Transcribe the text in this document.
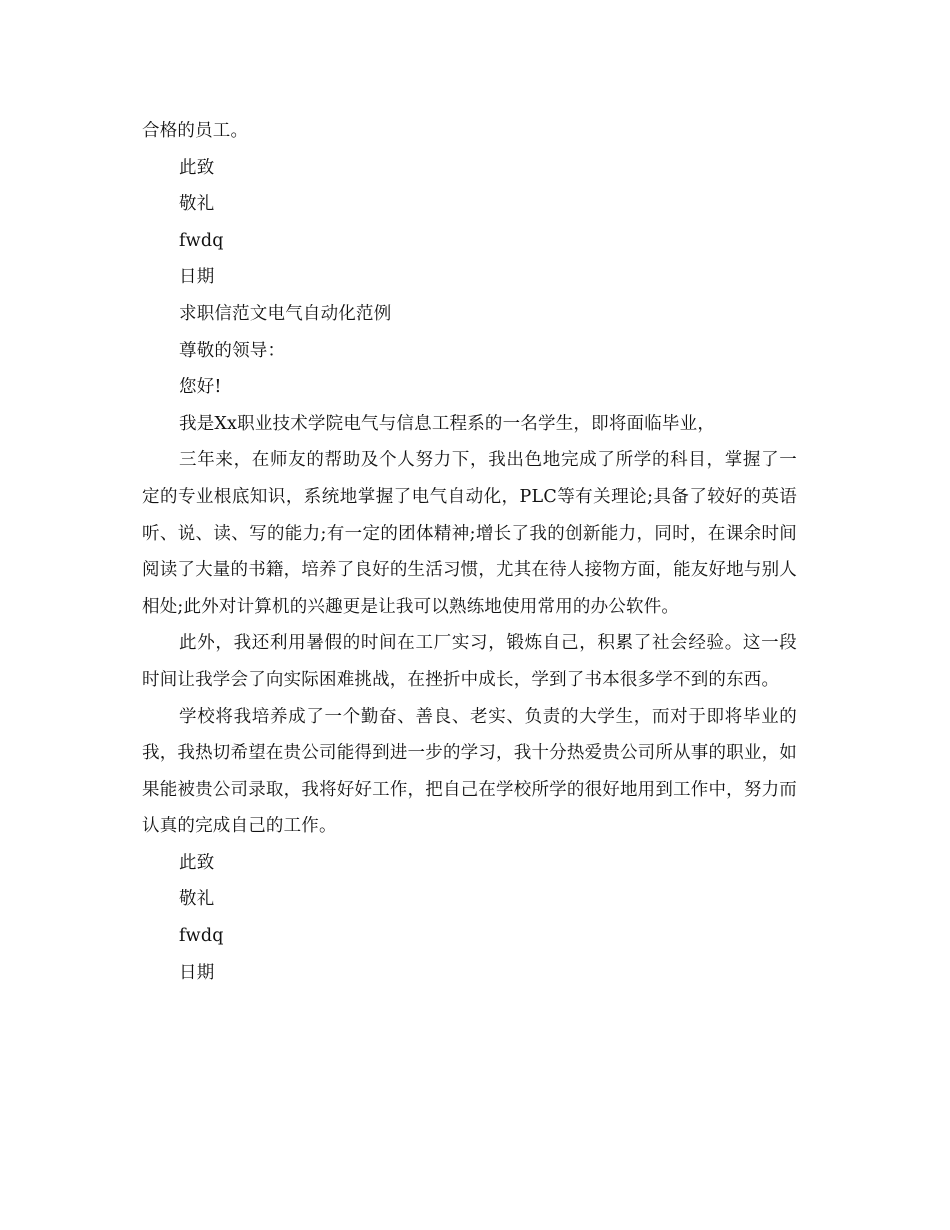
合格的员工。

此致

敬礼

fwdq

日期

求职信范文电气自动化范例

尊敬的领导：

您好!

我是Xx职业技术学院电气与信息工程系的一名学生，即将面临毕业，

三年来，在师友的帮助及个人努力下，我出色地完成了所学的科目，掌握了一定的专业根底知识，系统地掌握了电气自动化，PLC等有关理论;具备了较好的英语听、说、读、写的能力;有一定的团体精神;增长了我的创新能力，同时，在课余时间阅读了大量的书籍，培养了良好的生活习惯，尤其在待人接物方面，能友好地与别人相处;此外对计算机的兴趣更是让我可以熟练地使用常用的办公软件。

此外，我还利用暑假的时间在工厂实习，锻炼自己，积累了社会经验。这一段时间让我学会了向实际困难挑战，在挫折中成长，学到了书本很多学不到的东西。

学校将我培养成了一个勤奋、善良、老实、负责的大学生，而对于即将毕业的我，我热切希望在贵公司能得到进一步的学习，我十分热爱贵公司所从事的职业，如果能被贵公司录取，我将好好工作，把自己在学校所学的很好地用到工作中，努力而认真的完成自己的工作。

此致

敬礼

fwdq

日期
